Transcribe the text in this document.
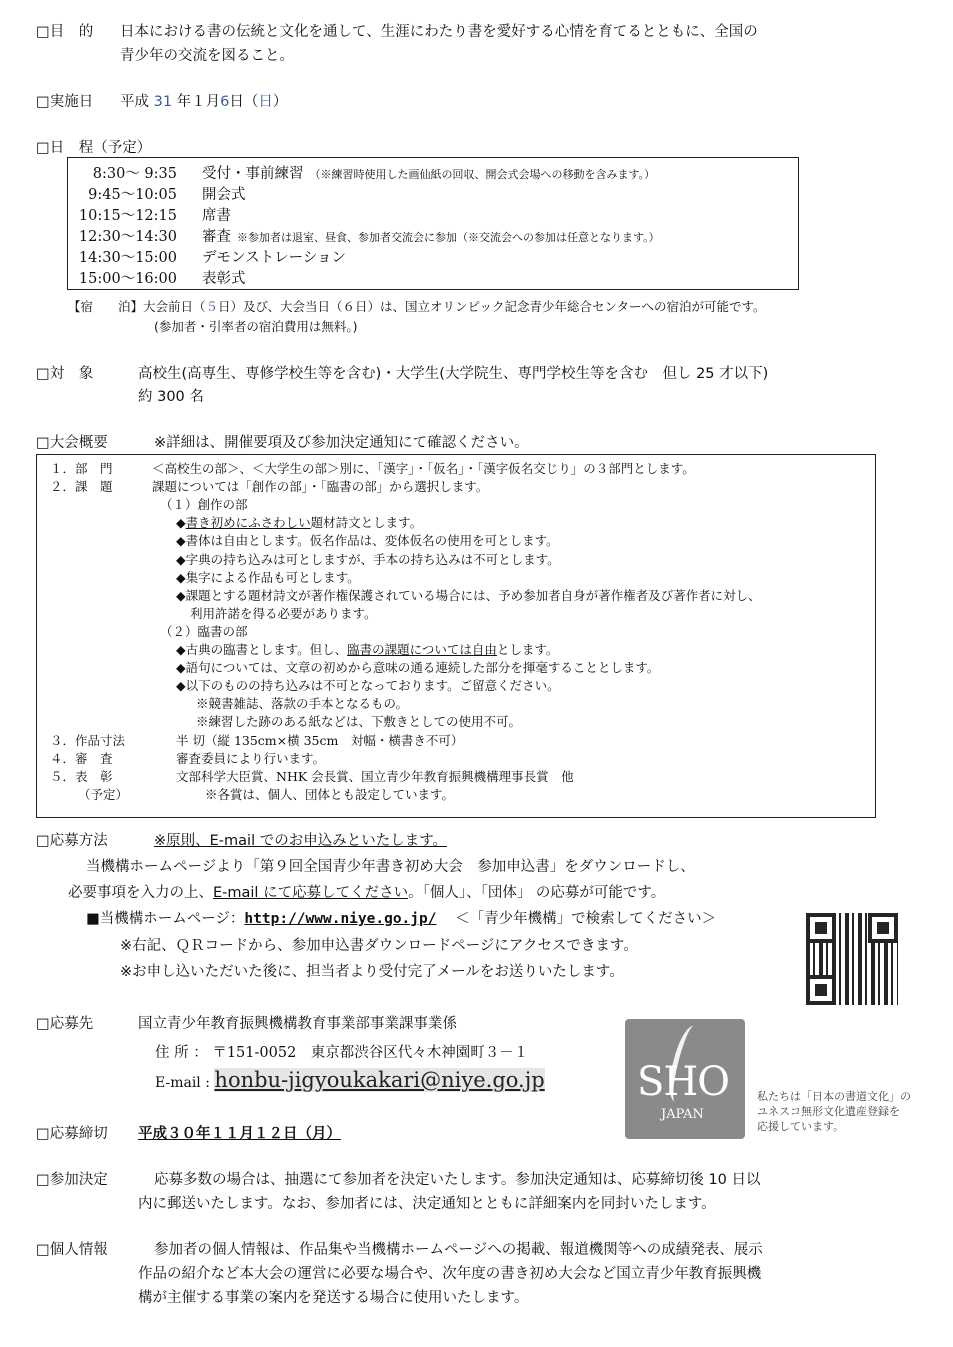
□目　的 日本における書の伝統と文化を通して、生涯にわたり書を愛好する心情を育てるとともに、全国の
青少年の交流を図ること。
□実施日 平成 31 年１月6日（日）
□日　程（予定）
8:30～ 9:35 受付・事前練習 （※練習時使用した画仙紙の回収、開会式会場への移動を含みます。）
9:45～10:05 開会式
10:15～12:15 席書
12:30～14:30 審査 ※参加者は退室、昼食、参加者交流会に参加（※交流会への参加は任意となります。）
14:30～15:00 デモンストレーション
15:00～16:00 表彰式
【宿　　泊】大会前日（５日）及び、大会当日（６日）は、国立オリンピック記念青少年総合センターへの宿泊が可能です。
(参加者・引率者の宿泊費用は無料。)
□対　象	高校生(高専生、専修学校生等を含む)・大学生(大学院生、専門学校生等を含む　但し 25 才以下)
約 300 名
□大会概要	※詳細は、開催要項及び参加決定通知にて確認ください。
１．部　門	＜高校生の部＞、＜大学生の部＞別に、「漢字」・「仮名」・「漢字仮名交じり」の３部門とします。
２．課　題	課題については「創作の部」・「臨書の部」から選択します。
（１）創作の部
◆書き初めにふさわしい題材詩文とします。
◆書体は自由とします。仮名作品は、変体仮名の使用を可とします。
◆字典の持ち込みは可としますが、手本の持ち込みは不可とします。
◆集字による作品も可とします。
◆課題とする題材詩文が著作権保護されている場合には、予め参加者自身が著作権者及び著作者に対し、
利用許諾を得る必要があります。
（２）臨書の部
◆古典の臨書とします。但し、臨書の課題については自由とします。
◆語句については、文章の初めから意味の通る連続した部分を揮毫することとします。
◆以下のものの持ち込みは不可となっております。ご留意ください。
※競書雑誌、落款の手本となるもの。
※練習した跡のある紙などは、下敷きとしての使用不可。
３．作品寸法	半 切（縦 135cm×横 35cm　対幅・横書き不可）
４．審　査	審査委員により行います。
５．表　彰	文部科学大臣賞、NHK 会長賞、国立青少年教育振興機構理事長賞　他
（予定）	※各賞は、個人、団体とも設定しています。
□応募方法	※原則、E-mail でのお申込みといたします。
当機構ホームページより「第９回全国青少年書き初め大会　参加申込書」をダウンロードし、
必要事項を入力の上、E-mail にて応募してください。「個人」、「団体」 の応募が可能です。
■当機構ホームページ：http://www.niye.go.jp/ ＜「青少年機構」で検索してください＞
※右記、ＱＲコードから、参加申込書ダウンロードページにアクセスできます。
※お申し込いただいた後に、担当者より受付完了メールをお送りいたします。
□応募先	国立青少年教育振興機構教育事業部事業課事業係
住 所 ： 〒151-0052　東京都渋谷区代々木神園町３－１
E-mail : honbu-jigyoukakari@niye.go.jp SHO
JAPAN
私たちは「日本の書道文化」の
ユネスコ無形文化遺産登録を
応援しています。
□応募締切 平成３０年１１月１２日（月）
□参加決定	応募多数の場合は、抽選にて参加者を決定いたします。参加決定通知は、応募締切後 10 日以
内に郵送いたします。なお、参加者には、決定通知とともに詳細案内を同封いたします。
□個人情報	参加者の個人情報は、作品集や当機構ホームページへの掲載、報道機関等への成績発表、展示
作品の紹介など本大会の運営に必要な場合や、次年度の書き初め大会など国立青少年教育振興機
構が主催する事業の案内を発送する場合に使用いたします。
